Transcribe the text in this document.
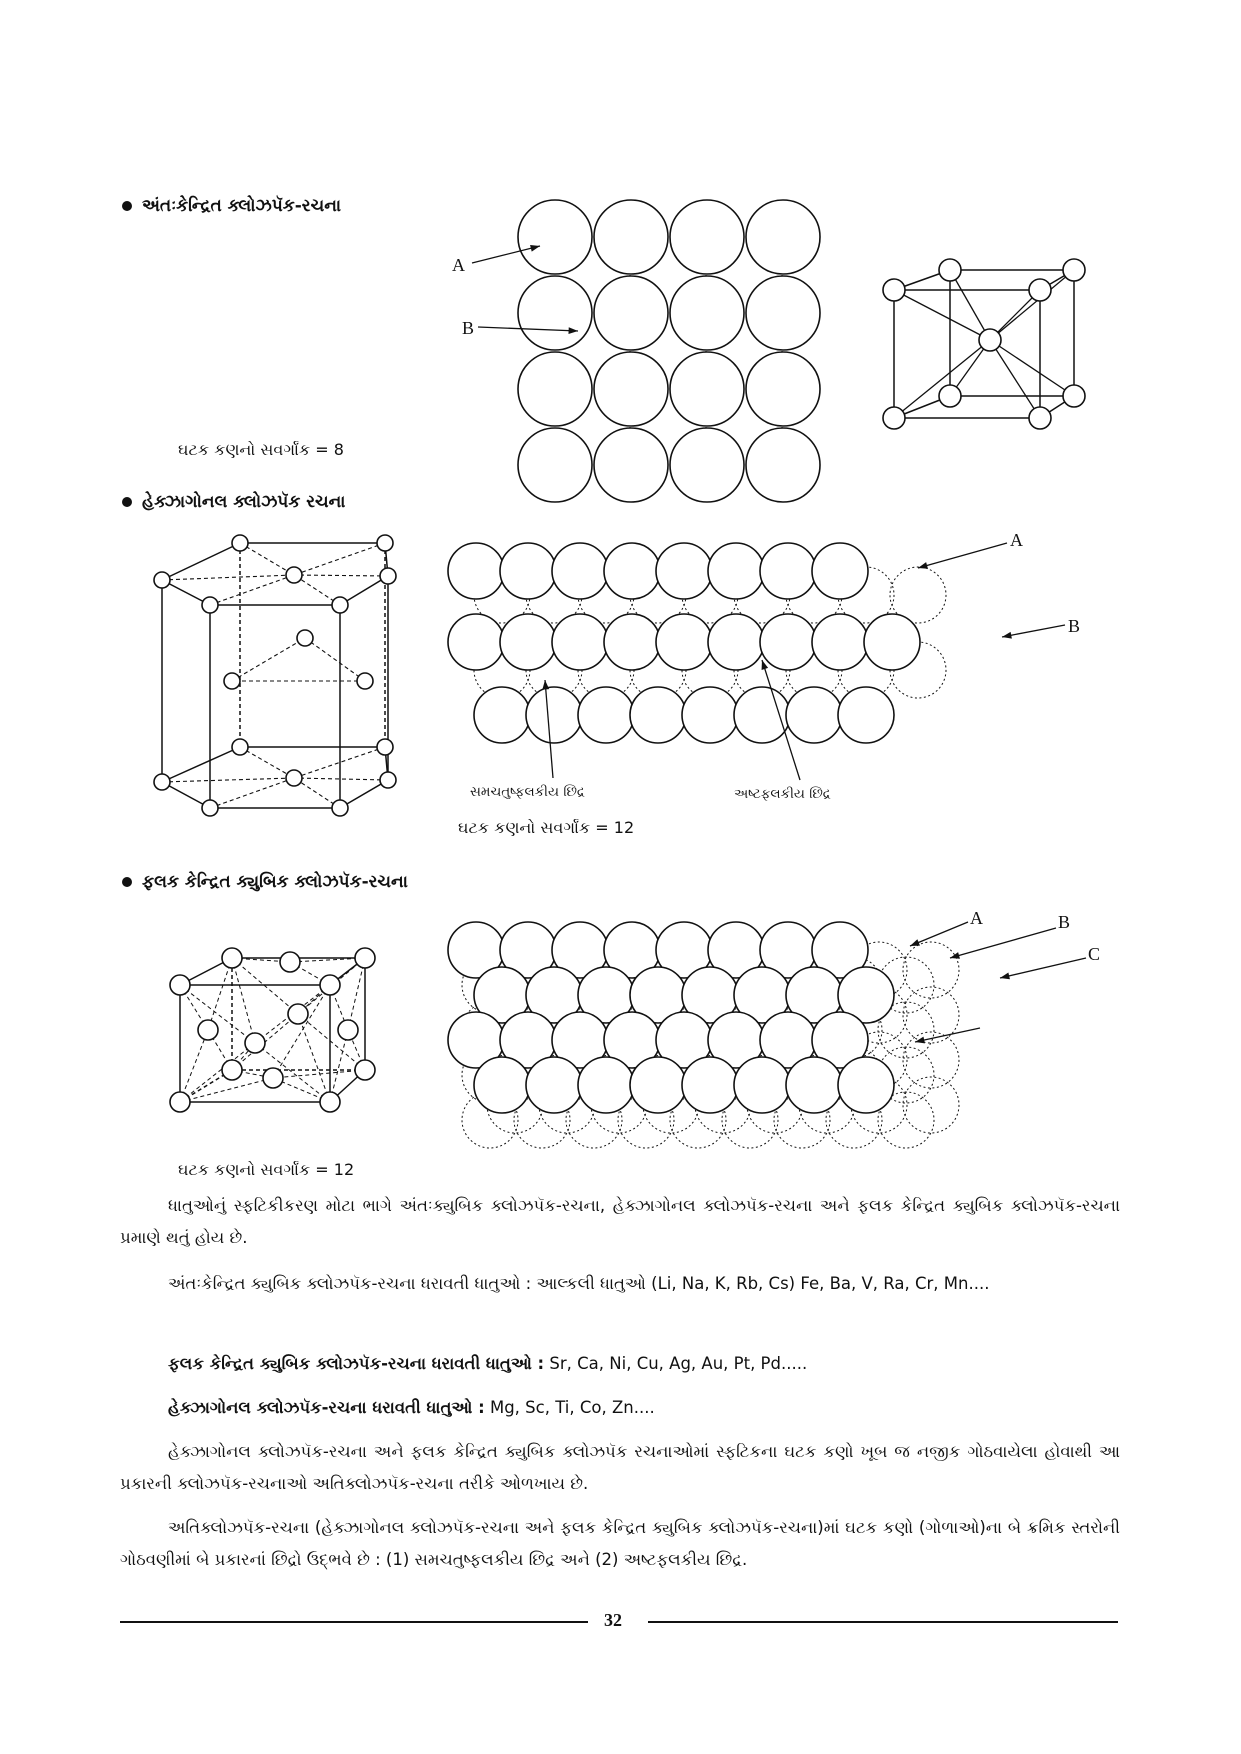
અંતઃકેન્દ્રિત ક્લોઝપૅક-રચના
A
B
ઘટક કણનો સવર્ગાંક = 8
હેક્ઝાગોનલ ક્લોઝપૅક રચના
A
B
સમચતુષ્ફલકીય છિદ્ર	અષ્ટફલકીય છિદ્ર
ઘટક કણનો સવર્ગાંક = 12
ફલક કેન્દ્રિત ક્યુબિક ક્લોઝપૅક-રચના
A	B
C
ઘટક કણનો સવર્ગાંક = 12
ધાતુઓનું સ્ફટિકીકરણ મોટા ભાગે અંતઃક્યુબિક ક્લોઝપૅક-રચના, હેક્ઝાગોનલ ક્લોઝપૅક-રચના અને ફલક કેન્દ્રિત ક્યુબિક ક્લોઝપૅક-રચના પ્રમાણે થતું હોય છે.
અંતઃકેન્દ્રિત ક્યુબિક ક્લોઝપૅક-રચના ધરાવતી ધાતુઓ : આલ્કલી ધાતુઓ (Li, Na, K, Rb, Cs) Fe, Ba, V, Ra, Cr, Mn....
ફલક કેન્દ્રિત ક્યુબિક ક્લોઝપૅક-રચના ધરાવતી ધાતુઓ : Sr, Ca, Ni, Cu, Ag, Au, Pt, Pd.....
હેક્ઝાગોનલ ક્લોઝપૅક-રચના ધરાવતી ધાતુઓ : Mg, Sc, Ti, Co, Zn....
હેક્ઝાગોનલ ક્લોઝપૅક-રચના અને ફલક કેન્દ્રિત ક્યુબિક ક્લોઝપૅક રચનાઓમાં સ્ફટિકના ઘટક કણો ખૂબ જ નજીક ગોઠવાયેલા હોવાથી આ પ્રકારની ક્લોઝપૅક-રચનાઓ અતિક્લોઝપૅક-રચના તરીકે ઓળખાય છે.
અતિક્લોઝપૅક-રચના (હેક્ઝાગોનલ ક્લોઝપૅક-રચના અને ફલક કેન્દ્રિત ક્યુબિક ક્લોઝપૅક-રચના)માં ઘટક કણો (ગોળાઓ)ના બે ક્રમિક સ્તરોની ગોઠવણીમાં બે પ્રકારનાં છિદ્રો ઉદ્ભવે છે : (1) સમચતુષ્ફલકીય છિદ્ર અને (2) અષ્ટફલકીય છિદ્ર.
32
